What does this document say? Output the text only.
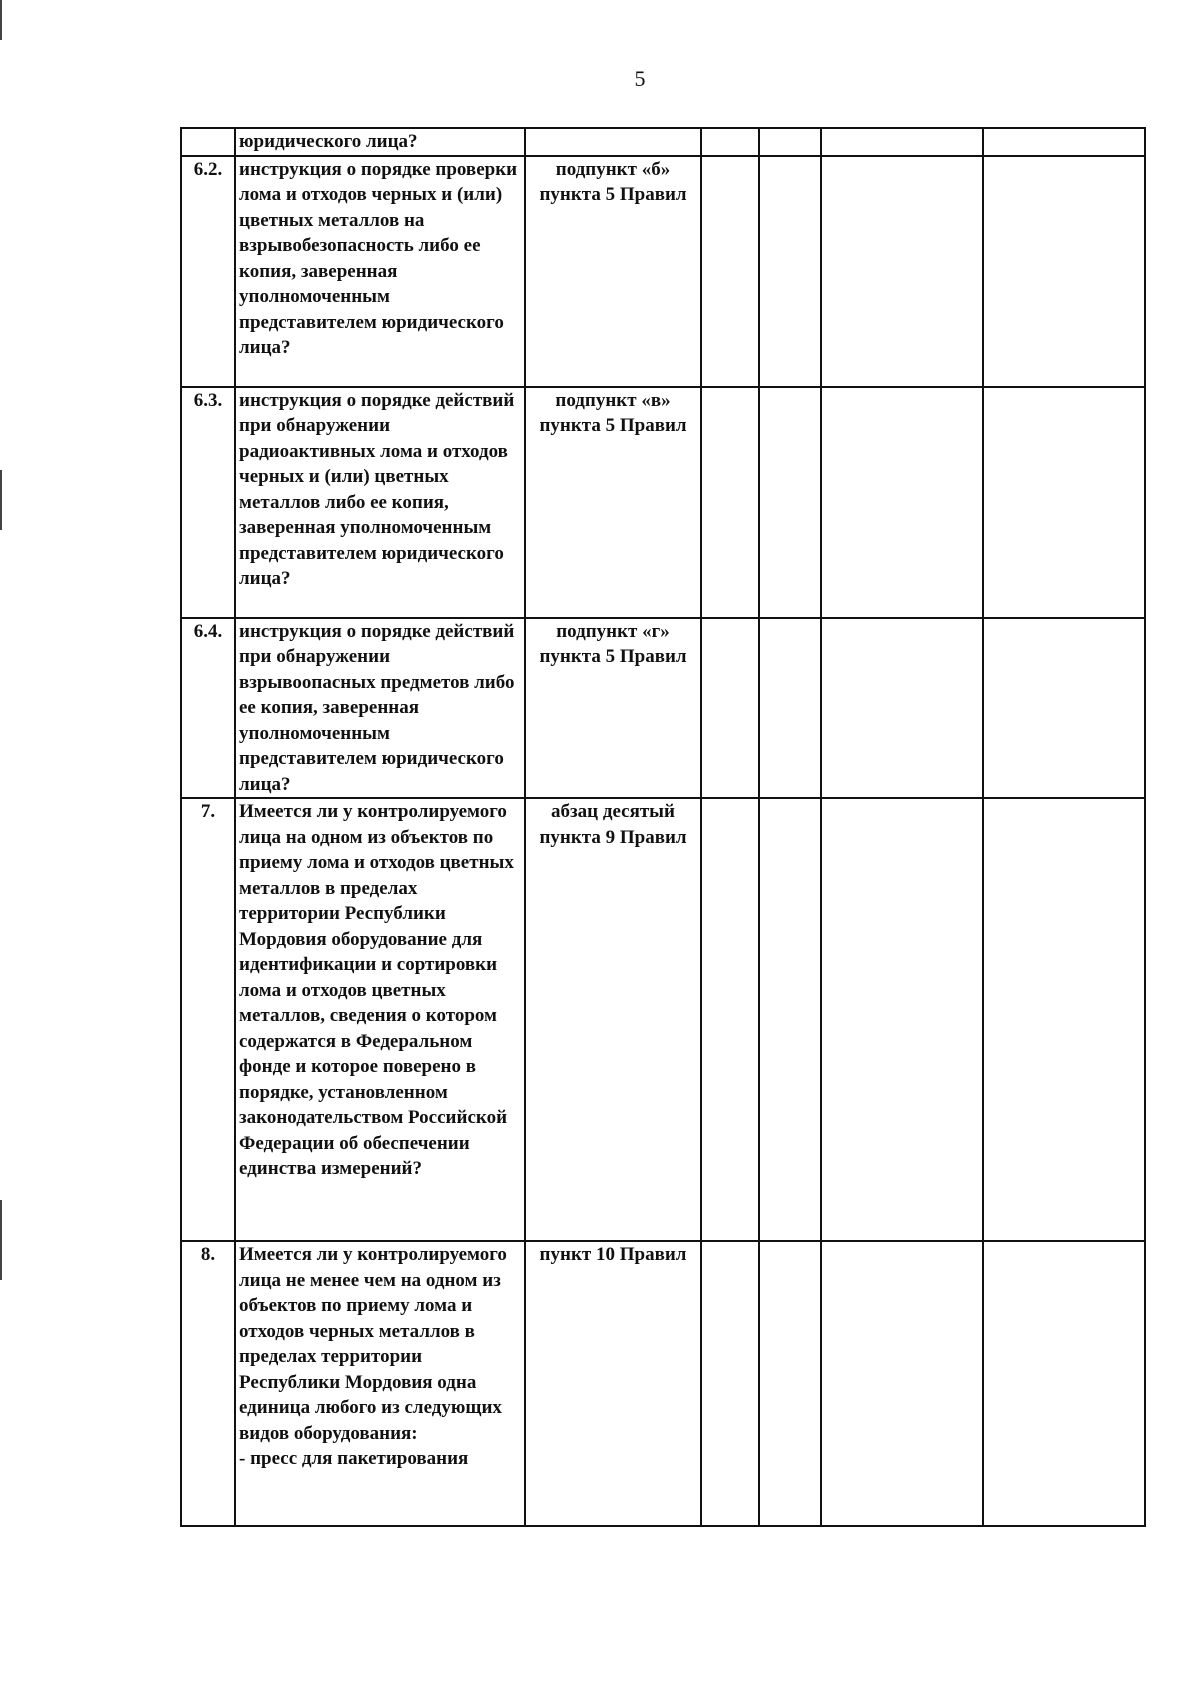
5
	юридического лица?					
6.2.	инструкция о порядке проверки лома и отходов черных и (или) цветных металлов на взрывобезопасность либо ее копия, заверенная уполномоченным представителем юридического лица?	подпункт «б» пункта 5 Правил				
6.3.	инструкция о порядке действий при обнаружении радиоактивных лома и отходов черных и (или) цветных металлов либо ее копия, заверенная уполномоченным представителем юридического лица?	подпункт «в» пункта 5 Правил				
6.4.	инструкция о порядке действий при обнаружении взрывоопасных предметов либо ее копия, заверенная уполномоченным представителем юридического лица?	подпункт «г» пункта 5 Правил				
7.	Имеется ли у контролируемого лица на одном из объектов по приему лома и отходов цветных металлов в пределах территории Республики Мордовия оборудование для идентификации и сортировки лома и отходов цветных металлов, сведения о котором содержатся в Федеральном фонде и которое поверено в порядке, установленном законодательством Российской Федерации об обеспечении единства измерений?	абзац десятый пункта 9 Правил				
8.	Имеется ли у контролируемого лица не менее чем на одном из объектов по приему лома и отходов черных металлов в пределах территории Республики Мордовия одна единица любого из следующих видов оборудования:
- пресс для пакетирования	пункт 10 Правил				
